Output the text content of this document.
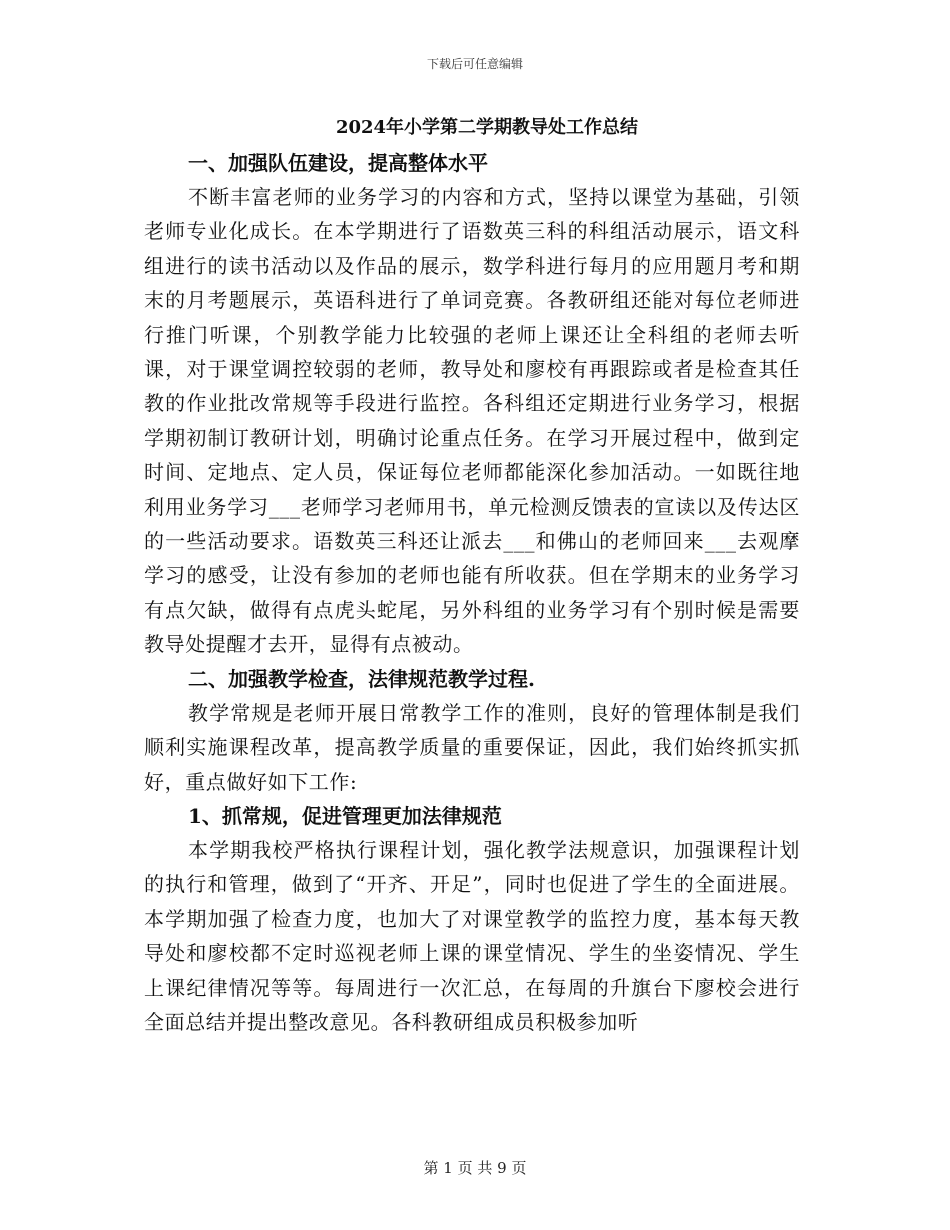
下载后可任意编辑
2024年小学第二学期教导处工作总结
一、加强队伍建设，提高整体水平

不断丰富老师的业务学习的内容和方式，坚持以课堂为基础，引领老师专业化成长。在本学期进行了语数英三科的科组活动展示，语文科组进行的读书活动以及作品的展示，数学科进行每月的应用题月考和期末的月考题展示，英语科进行了单词竞赛。各教研组还能对每位老师进行推门听课，个别教学能力比较强的老师上课还让全科组的老师去听课，对于课堂调控较弱的老师，教导处和廖校有再跟踪或者是检查其任教的作业批改常规等手段进行监控。各科组还定期进行业务学习，根据学期初制订教研计划，明确讨论重点任务。在学习开展过程中，做到定时间、定地点、定人员，保证每位老师都能深化参加活动。一如既往地利用业务学习___老师学习老师用书，单元检测反馈表的宣读以及传达区的一些活动要求。语数英三科还让派去___和佛山的老师回来___去观摩学习的感受，让没有参加的老师也能有所收获。但在学期末的业务学习有点欠缺，做得有点虎头蛇尾，另外科组的业务学习有个别时候是需要教导处提醒才去开，显得有点被动。

二、加强教学检查，法律规范教学过程.

教学常规是老师开展日常教学工作的准则，良好的管理体制是我们顺利实施课程改革，提高教学质量的重要保证，因此，我们始终抓实抓好，重点做好如下工作:

1、抓常规，促进管理更加法律规范

本学期我校严格执行课程计划，强化教学法规意识，加强课程计划的执行和管理，做到了“开齐、开足”，同时也促进了学生的全面进展。本学期加强了检查力度，也加大了对课堂教学的监控力度，基本每天教导处和廖校都不定时巡视老师上课的课堂情况、学生的坐姿情况、学生上课纪律情况等等。每周进行一次汇总，在每周的升旗台下廖校会进行全面总结并提出整改意见。各科教研组成员积极参加听

第 1 页 共 9 页
